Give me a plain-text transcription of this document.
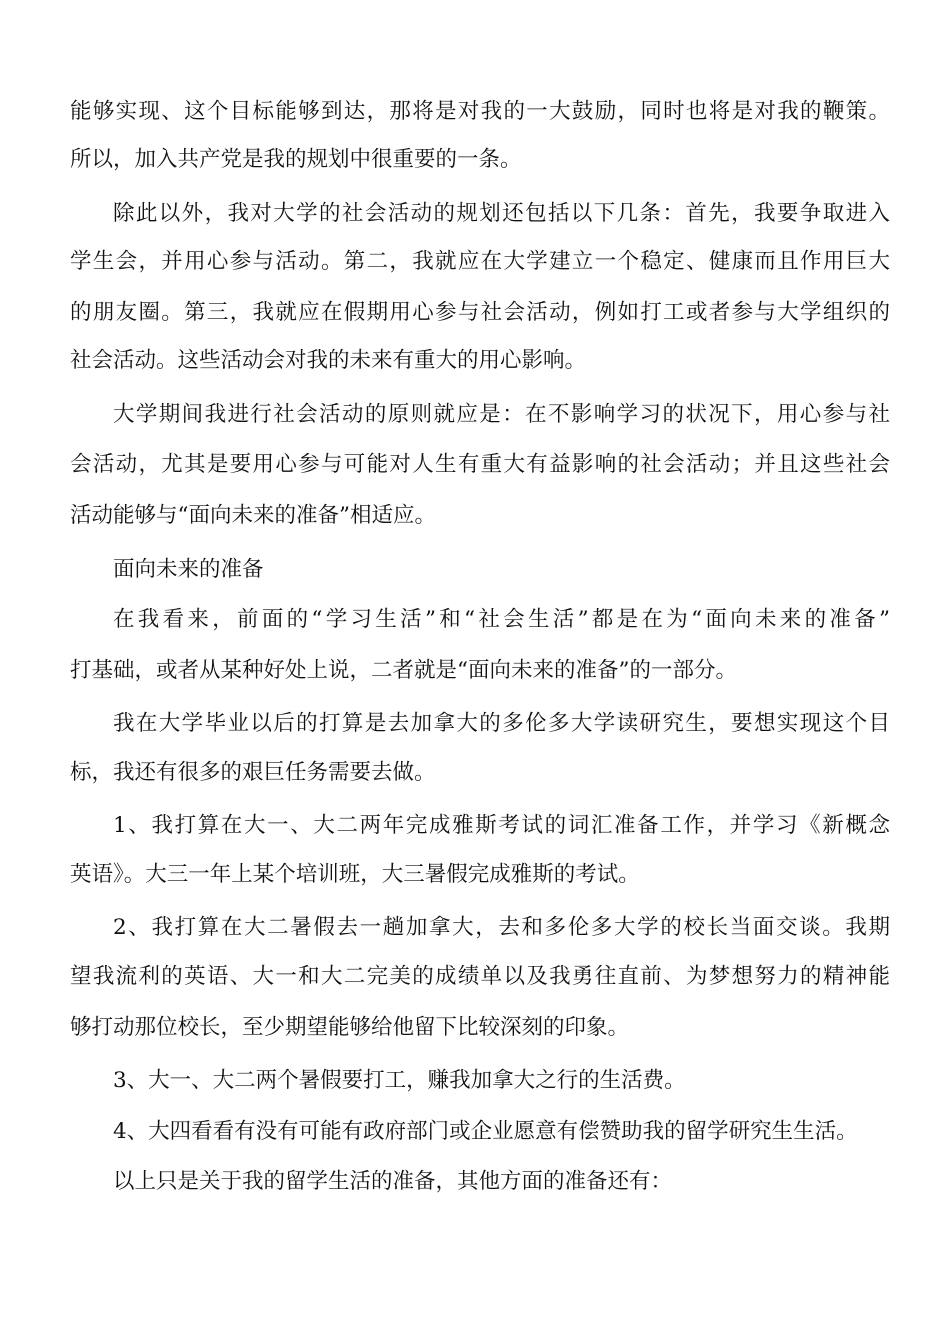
能够实现、这个目标能够到达，那将是对我的一大鼓励，同时也将是对我的鞭策。
所以，加入共产党是我的规划中很重要的一条。
除此以外，我对大学的社会活动的规划还包括以下几条：首先，我要争取进入
学生会，并用心参与活动。第二，我就应在大学建立一个稳定、健康而且作用巨大
的朋友圈。第三，我就应在假期用心参与社会活动，例如打工或者参与大学组织的
社会活动。这些活动会对我的未来有重大的用心影响。
大学期间我进行社会活动的原则就应是：在不影响学习的状况下，用心参与社
会活动，尤其是要用心参与可能对人生有重大有益影响的社会活动；并且这些社会
活动能够与“面向未来的准备”相适应。
面向未来的准备
在我看来，前面的“学习生活”和“社会生活”都是在为“面向未来的准备”
打基础，或者从某种好处上说，二者就是“面向未来的准备”的一部分。
我在大学毕业以后的打算是去加拿大的多伦多大学读研究生，要想实现这个目
标，我还有很多的艰巨任务需要去做。
1、我打算在大一、大二两年完成雅斯考试的词汇准备工作，并学习《新概念
英语》。大三一年上某个培训班，大三暑假完成雅斯的考试。
2、我打算在大二暑假去一趟加拿大，去和多伦多大学的校长当面交谈。我期
望我流利的英语、大一和大二完美的成绩单以及我勇往直前、为梦想努力的精神能
够打动那位校长，至少期望能够给他留下比较深刻的印象。
3、大一、大二两个暑假要打工，赚我加拿大之行的生活费。
4、大四看看有没有可能有政府部门或企业愿意有偿赞助我的留学研究生生活。
以上只是关于我的留学生活的准备，其他方面的准备还有：
